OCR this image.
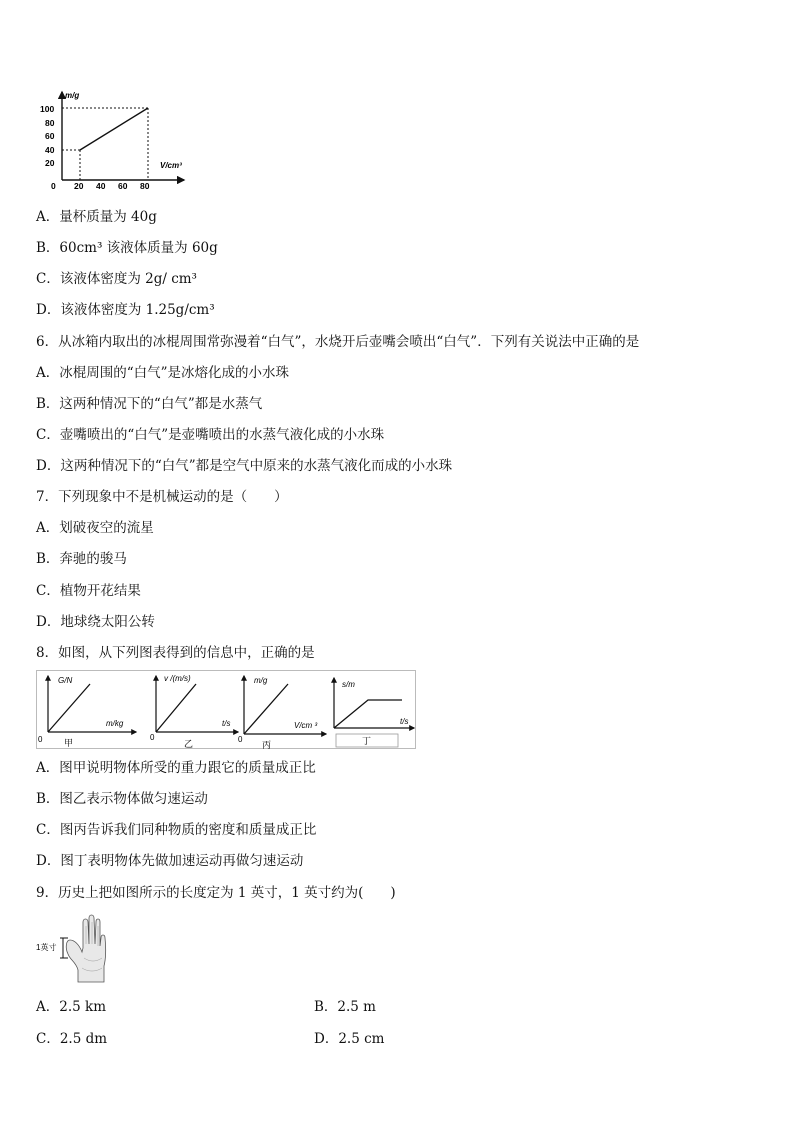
m/g
V/cm³
100
80
60
40
20
0 20 40 60 80
A．量杯质量为 40g
B．60cm³ 该液体质量为 60g
C．该液体密度为 2g/ cm³
D．该液体密度为 1.25g/cm³
6．从冰箱内取出的冰棍周围常弥漫着“白气”，水烧开后壶嘴会喷出“白气”．下列有关说法中正确的是
A．冰棍周围的“白气”是冰熔化成的小水珠
B．这两种情况下的“白气”都是水蒸气
C．壶嘴喷出的“白气”是壶嘴喷出的水蒸气液化成的小水珠
D．这两种情况下的“白气”都是空气中原来的水蒸气液化而成的小水珠
7．下列现象中不是机械运动的是（　　）
A．划破夜空的流星
B．奔驰的骏马
C．植物开花结果
D．地球绕太阳公转
8．如图，从下列图表得到的信息中，正确的是
G/N
m/kg
0 甲
v /(m/s)
t/s
0
乙
m/g
V/cm ³
0
丙
s/m
t/s
丁
A．图甲说明物体所受的重力跟它的质量成正比
B．图乙表示物体做匀速运动
C．图丙告诉我们同种物质的密度和质量成正比
D．图丁表明物体先做加速运动再做匀速运动
9．历史上把如图所示的长度定为 1 英寸，1 英寸约为(　　)
1英寸
A．2.5 km	B．2.5 m
C．2.5 dm	D．2.5 cm
